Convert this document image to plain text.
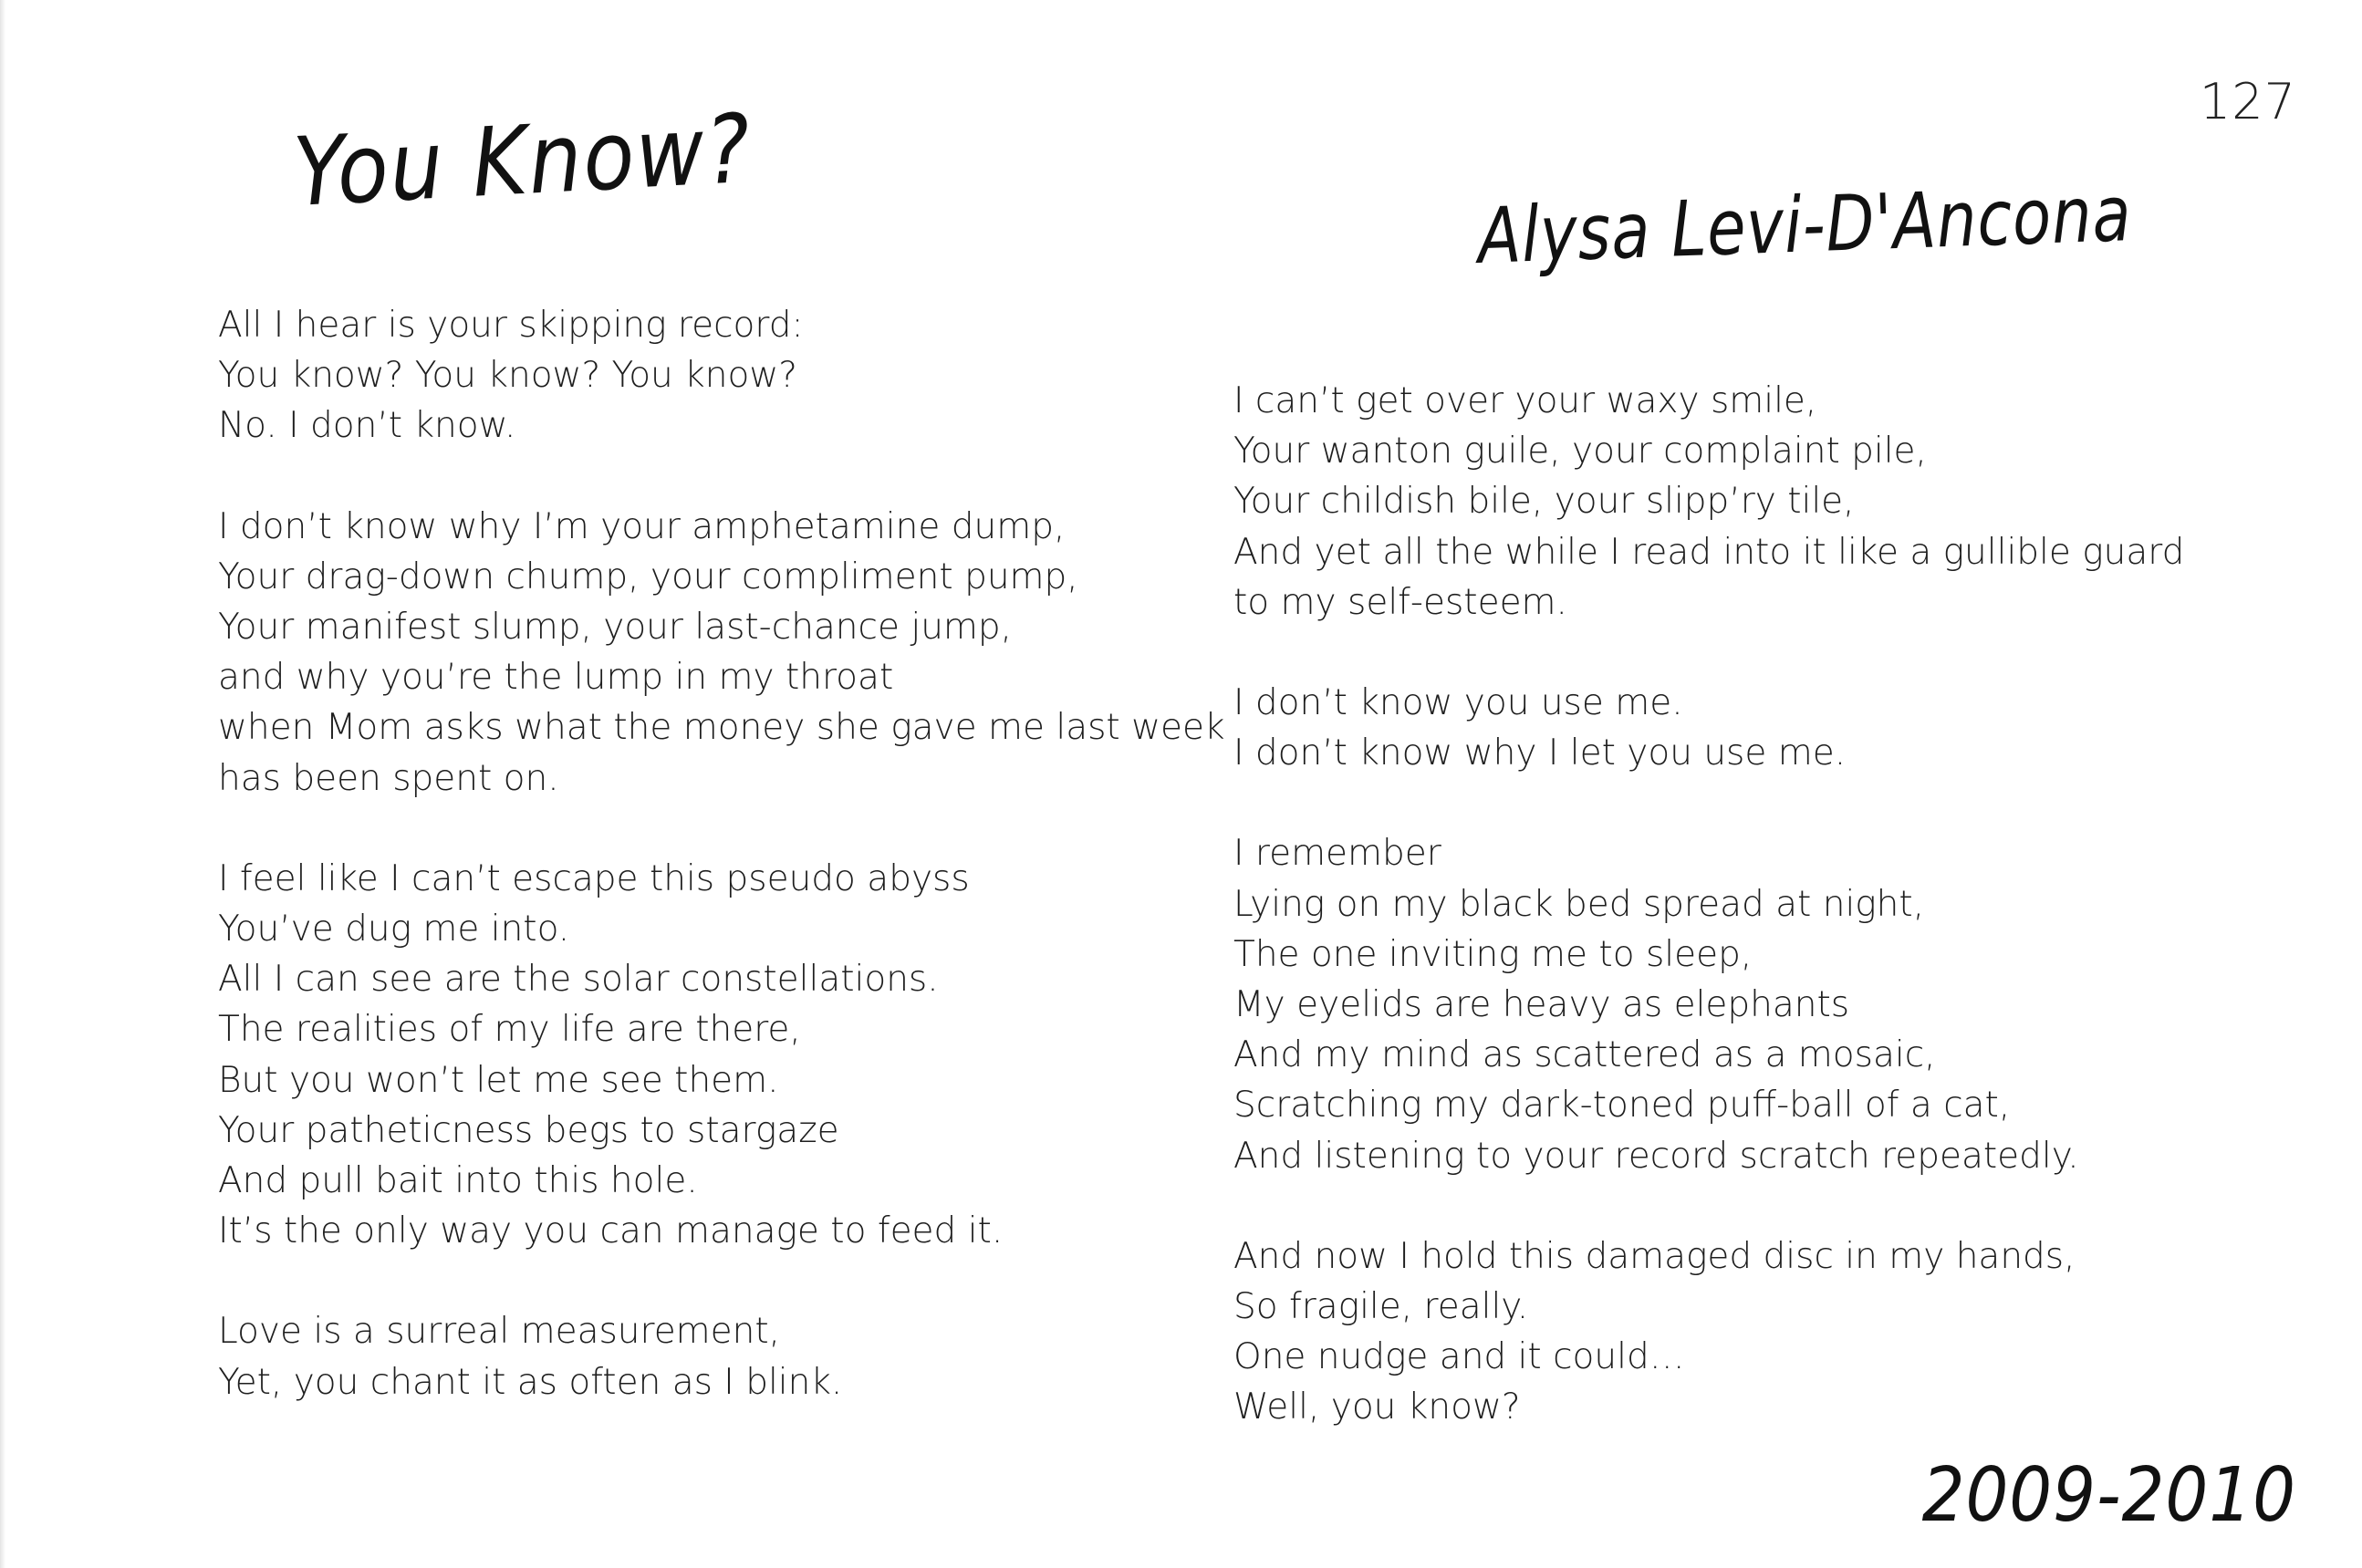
127
You Know?	Alysa Levi-D'Ancona
All I hear is your skipping record:
You know? You know? You know?
No. I don’t know.
I don’t know why I’m your amphetamine dump,
Your drag-down chump, your compliment pump,
Your manifest slump, your last-chance jump,
and why you’re the lump in my throat
when Mom asks what the money she gave me last week
has been spent on.
I feel like I can’t escape this pseudo abyss
You’ve dug me into.
All I can see are the solar constellations.
The realities of my life are there,
But you won’t let me see them.
Your patheticness begs to stargaze
And pull bait into this hole.
It’s the only way you can manage to feed it.
Love is a surreal measurement,
Yet, you chant it as often as I blink.
I can’t get over your waxy smile,
Your wanton guile, your complaint pile,
Your childish bile, your slipp’ry tile,
And yet all the while I read into it like a gullible guard
to my self-esteem.
I don’t know you use me.
I don’t know why I let you use me.
I remember
Lying on my black bed spread at night,
The one inviting me to sleep,
My eyelids are heavy as elephants
And my mind as scattered as a mosaic,
Scratching my dark-toned puff-ball of a cat,
And listening to your record scratch repeatedly.
And now I hold this damaged disc in my hands,
So fragile, really.
One nudge and it could…
Well, you know?
2009-2010
